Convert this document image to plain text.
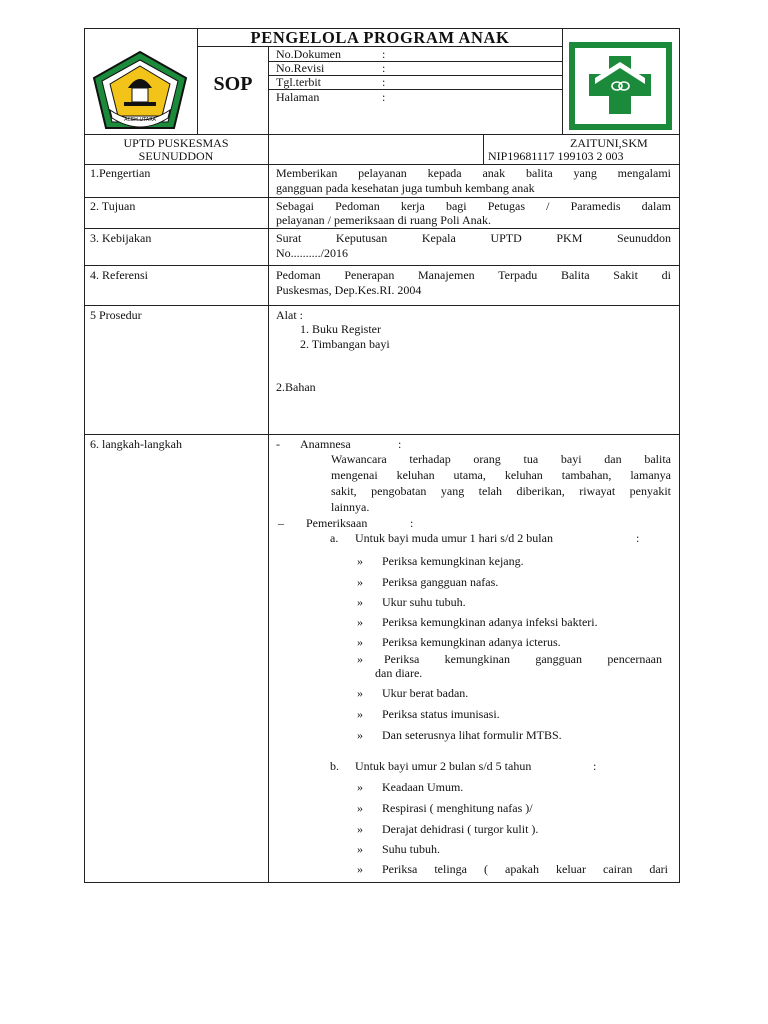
ACEH UTARA
PENGELOLA PROGRAM ANAK
SOP
No.Dokumen	:
No.Revisi	:
Tgl.terbit	:
Halaman	:
UPTD PUSKESMAS
SEUNUDDON
ZAITUNI,SKM
NIP19681117 199103 2 003
1.Pengertian	Memberikan pelayanan kepada anak balita yang mengalami
gangguan pada kesehatan juga tumbuh kembang anak
2. Tujuan	Sebagai Pedoman kerja bagi Petugas / Paramedis dalam
pelayanan / pemeriksaan di ruang Poli Anak.
3. Kebijakan	Surat Keputusan Kepala UPTD PKM Seunuddon
No........../2016
4. Referensi	Pedoman Penerapan Manajemen Terpadu Balita Sakit di
Puskesmas, Dep.Kes.RI. 2004
5 Prosedur	Alat :
1. Buku Register
2. Timbangan bayi
2.Bahan
6. langkah-langkah	- Anamnesa	:
Wawancara terhadap orang tua bayi dan balita
mengenai keluhan utama, keluhan tambahan, lamanya
sakit, pengobatan yang telah diberikan, riwayat penyakit
lainnya.
– Pemeriksaan	:
a. Untuk bayi muda umur 1 hari s/d 2 bulan	:
» Periksa kemungkinan kejang.
» Periksa gangguan nafas.
» Ukur suhu tubuh.
» Periksa kemungkinan adanya infeksi bakteri.
» Periksa kemungkinan adanya icterus.
» Periksa kemungkinan gangguan pencernaan
dan diare.
» Ukur berat badan.
» Periksa status imunisasi.
» Dan seterusnya lihat formulir MTBS.
b. Untuk bayi umur 2 bulan s/d 5 tahun	:
» Keadaan Umum.
» Respirasi ( menghitung nafas )/
» Derajat dehidrasi ( turgor kulit ).
» Suhu tubuh.
» Periksa telinga ( apakah keluar cairan dari
